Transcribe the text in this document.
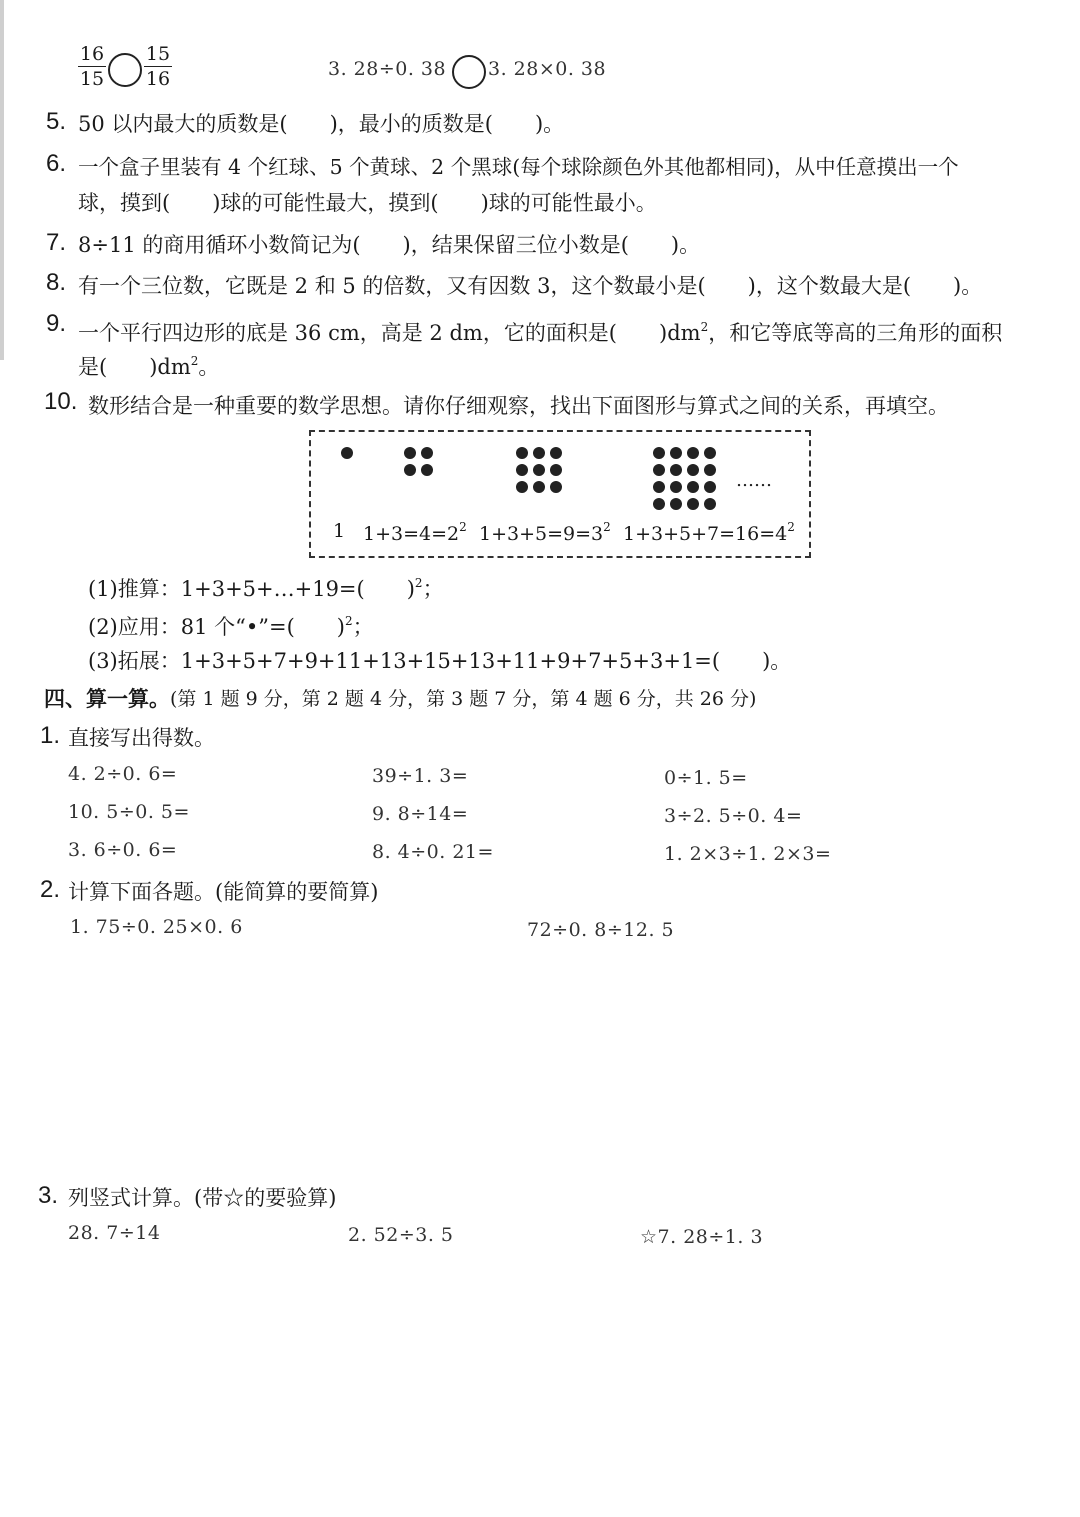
16
15
15
16	3. 28÷0. 38 3. 28×0. 38
5. 50 以内最大的质数是(　　)，最小的质数是(　　)。
6. 一个盒子里装有 4 个红球、5 个黄球、2 个黑球(每个球除颜色外其他都相同)，从中任意摸出一个
球，摸到(　　)球的可能性最大，摸到(　　)球的可能性最小。
7. 8÷11 的商用循环小数简记为(　　)，结果保留三位小数是(　　)。
8. 有一个三位数，它既是 2 和 5 的倍数，又有因数 3，这个数最小是(　　)，这个数最大是(　　)。
9. 一个平行四边形的底是 36 cm，高是 2 dm，它的面积是(　　)$dm^2$，和它等底等高的三角形的面积
是(　　)$dm^2$。
10. 数形结合是一种重要的数学思想。请你仔细观察，找出下面图形与算式之间的关系，再填空。
1 $1+3=4=2^2$ $1+3+5=9=3^2$ $1+3+5+7=16=4^2$
……
(1)推算：1+3+5+…+19=(　　)$^2$；
(2)应用：81 个“•”=(　　)$^2$；
(3)拓展：1+3+5+7+9+11+13+15+13+11+9+7+5+3+1=(　　)。
四、算一算。 (第 1 题 9 分，第 2 题 4 分，第 3 题 7 分，第 4 题 6 分，共 26 分)
1. 直接写出得数。
4. 2÷0. 6=	39÷1. 3=	0÷1. 5=
10. 5÷0. 5=	9. 8÷14=	3÷2. 5÷0. 4=
3. 6÷0. 6=	8. 4÷0. 21=	1. 2×3÷1. 2×3=
2. 计算下面各题。(能简算的要简算)
1. 75÷0. 25×0. 6	72÷0. 8÷12. 5
3. 列竖式计算。(带☆的要验算)
28. 7÷14	2. 52÷3. 5	☆7. 28÷1. 3
